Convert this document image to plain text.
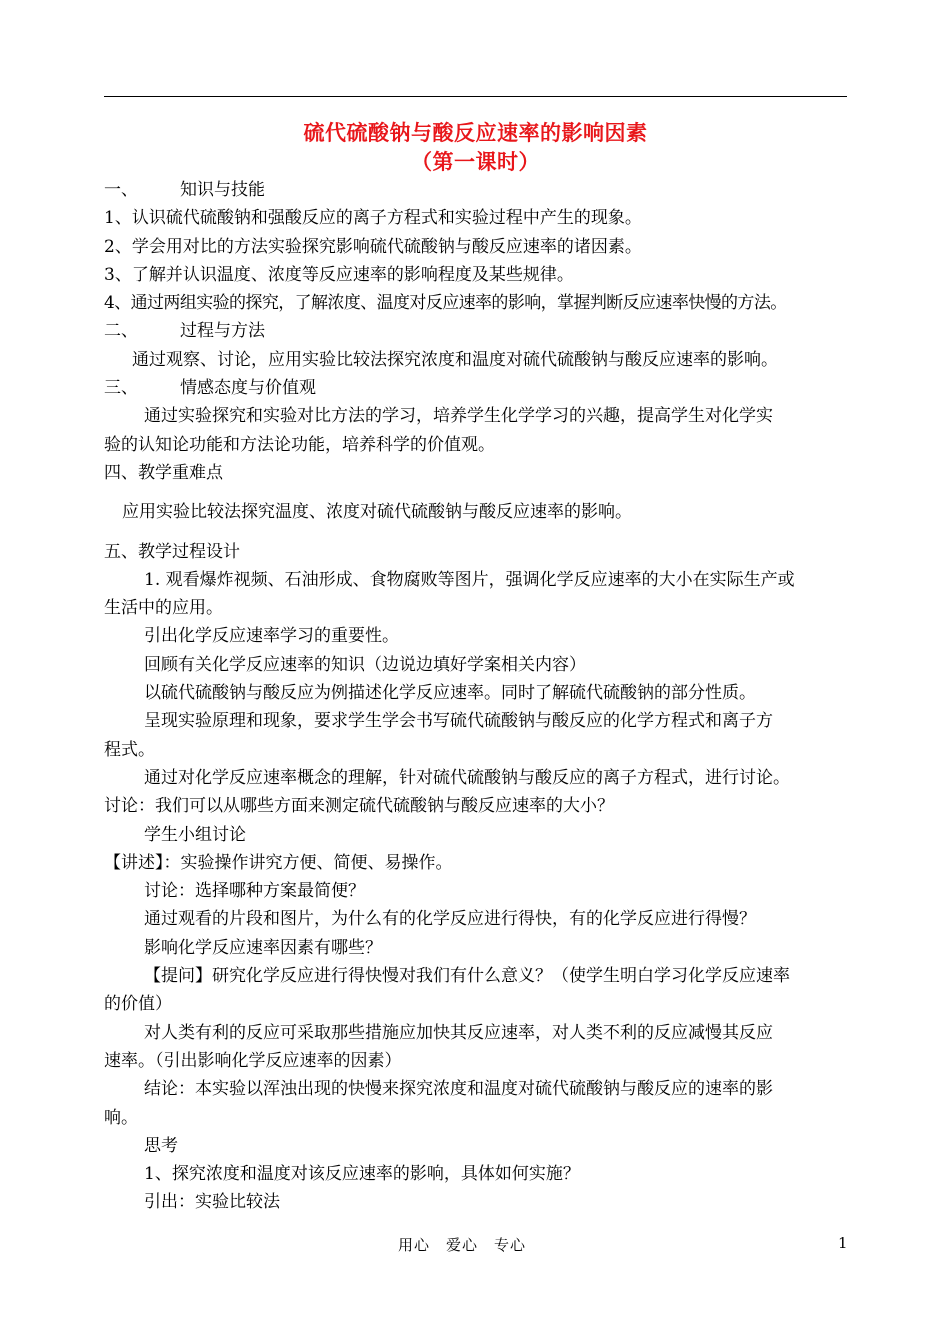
硫代硫酸钠与酸反应速率的影响因素
（第一课时）

一、 知识与技能

1、认识硫代硫酸钠和强酸反应的离子方程式和实验过程中产生的现象。

2、学会用对比的方法实验探究影响硫代硫酸钠与酸反应速率的诸因素。

3、了解并认识温度、浓度等反应速率的影响程度及某些规律。

4、通过两组实验的探究，了解浓度、温度对反应速率的影响，掌握判断反应速率快慢的方法。

二、 过程与方法

通过观察、讨论，应用实验比较法探究浓度和温度对硫代硫酸钠与酸反应速率的影响。

三、 情感态度与价值观

通过实验探究和实验对比方法的学习，培养学生化学学习的兴趣，提高学生对化学实

验的认知论功能和方法论功能，培养科学的价值观。

四、教学重难点

应用实验比较法探究温度、浓度对硫代硫酸钠与酸反应速率的影响。

五、教学过程设计

1. 观看爆炸视频、石油形成、食物腐败等图片，强调化学反应速率的大小在实际生产或

生活中的应用。

引出化学反应速率学习的重要性。

回顾有关化学反应速率的知识（边说边填好学案相关内容）

以硫代硫酸钠与酸反应为例描述化学反应速率。同时了解硫代硫酸钠的部分性质。

呈现实验原理和现象，要求学生学会书写硫代硫酸钠与酸反应的化学方程式和离子方

程式。

通过对化学反应速率概念的理解，针对硫代硫酸钠与酸反应的离子方程式，进行讨论。

讨论：我们可以从哪些方面来测定硫代硫酸钠与酸反应速率的大小？

学生小组讨论

【讲述】：实验操作讲究方便、简便、易操作。

讨论：选择哪种方案最简便？

通过观看的片段和图片，为什么有的化学反应进行得快，有的化学反应进行得慢？

影响化学反应速率因素有哪些？

【提问】研究化学反应进行得快慢对我们有什么意义？（使学生明白学习化学反应速率

的价值）

对人类有利的反应可采取那些措施应加快其反应速率，对人类不利的反应减慢其反应

速率。（引出影响化学反应速率的因素）

结论：本实验以浑浊出现的快慢来探究浓度和温度对硫代硫酸钠与酸反应的速率的影

响。

思考

1、探究浓度和温度对该反应速率的影响，具体如何实施？

引出：实验比较法

用心　爱心　专心	1
